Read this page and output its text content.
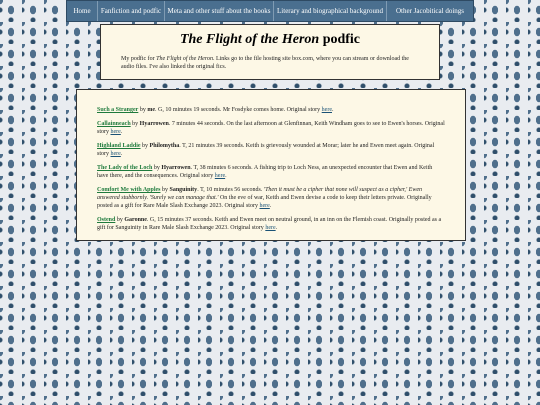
Home	Fanfiction and podfic Meta and other stuff about the books Literary and biographical background	Other Jacobitical doings
The Flight of the Heron podfic
My podfic for The Flight of the Heron. Links go to the file hosting site box.com, where you can stream or download the audio files. I've also linked the original fics.

Such a Stranger by me. G, 10 minutes 19 seconds. Mr Fosdyke comes home. Original story here.

Callainneach by Hyarrowen. 7 minutes 44 seconds. On the last afternoon at Glenfinnan, Keith Windham goes to see to Ewen's horses. Original story here.

Highland Laddie by Philomytha. T, 21 minutes 39 seconds. Keith is grievously wounded at Morar; later he and Ewen meet again. Original story here.

The Lady of the Loch by Hyarrowen. T, 38 minutes 6 seconds. A fishing trip to Loch Ness, an unexpected encounter that Ewen and Keith have there, and the consequences. Original story here.

Comfort Me with Apples by Sanguinity. T, 10 minutes 56 seconds. 'Then it must be a cipher that none will suspect as a cipher,' Ewen answered stubbornly. 'Surely we can manage that.' On the eve of war, Keith and Ewen devise a code to keep their letters private. Originally posted as a gift for Rare Male Slash Exchange 2023. Original story here.

Ostend by Garonne. G, 15 minutes 37 seconds. Keith and Ewen meet on neutral ground, in an inn on the Flemish coast. Originally posted as a gift for Sanguinity in Rare Male Slash Exchange 2023. Original story here.
